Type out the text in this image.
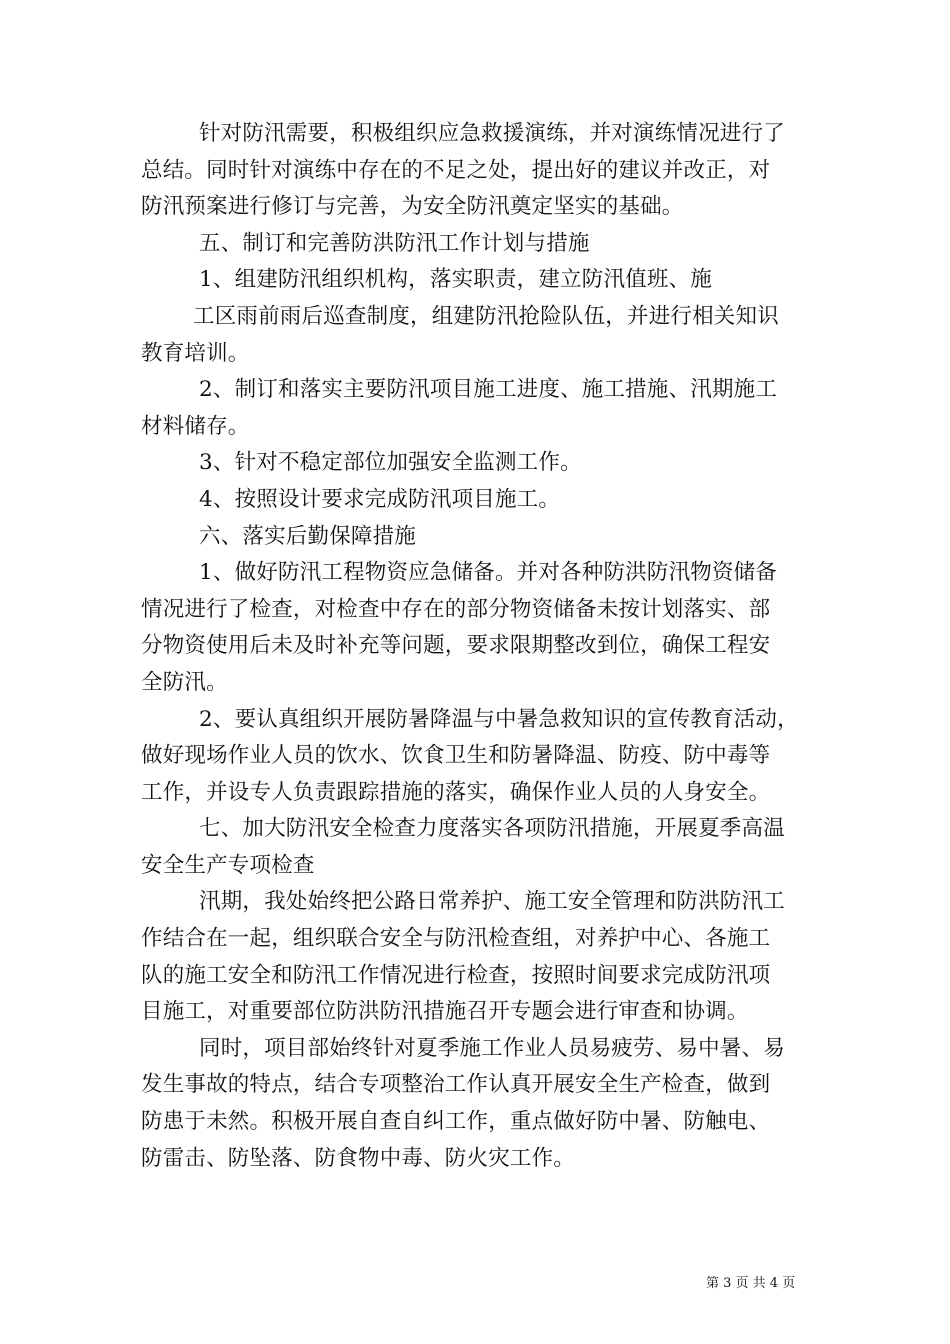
针对防汛需要，积极组织应急救援演练，并对演练情况进行了
总结。同时针对演练中存在的不足之处，提出好的建议并改正，对
防汛预案进行修订与完善，为安全防汛奠定坚实的基础。
五、制订和完善防洪防汛工作计划与措施
1、组建防汛组织机构，落实职责，建立防汛值班、施
工区雨前雨后巡查制度，组建防汛抢险队伍，并进行相关知识
教育培训。
2、制订和落实主要防汛项目施工进度、施工措施、汛期施工
材料储存。
3、针对不稳定部位加强安全监测工作。
4、按照设计要求完成防汛项目施工。
六、落实后勤保障措施
1、做好防汛工程物资应急储备。并对各种防洪防汛物资储备
情况进行了检查，对检查中存在的部分物资储备未按计划落实、部
分物资使用后未及时补充等问题，要求限期整改到位，确保工程安
全防汛。
2、要认真组织开展防暑降温与中暑急救知识的宣传教育活动，
做好现场作业人员的饮水、饮食卫生和防暑降温、防疫、防中毒等
工作，并设专人负责跟踪措施的落实，确保作业人员的人身安全。
七、加大防汛安全检查力度落实各项防汛措施，开展夏季高温
安全生产专项检查
汛期，我处始终把公路日常养护、施工安全管理和防洪防汛工
作结合在一起，组织联合安全与防汛检查组，对养护中心、各施工
队的施工安全和防汛工作情况进行检查，按照时间要求完成防汛项
目施工，对重要部位防洪防汛措施召开专题会进行审查和协调。
同时，项目部始终针对夏季施工作业人员易疲劳、易中暑、易
发生事故的特点，结合专项整治工作认真开展安全生产检查，做到
防患于未然。积极开展自查自纠工作，重点做好防中暑、防触电、
防雷击、防坠落、防食物中毒、防火灾工作。
第 3 页 共 4 页
